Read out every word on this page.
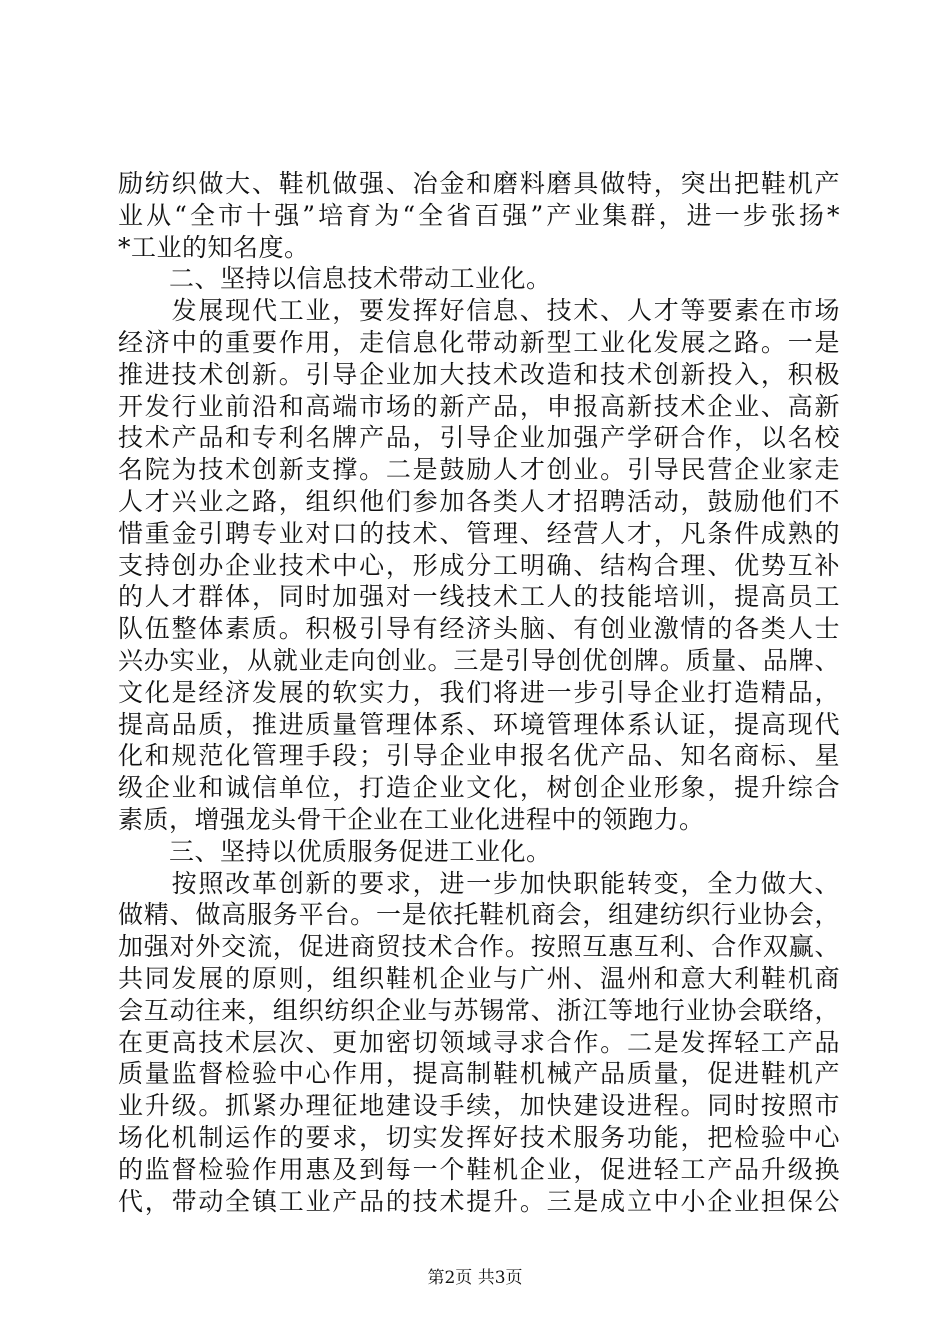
励纺织做大、鞋机做强、冶金和磨料磨具做特，突出把鞋机产
业从“全市十强”培育为“全省百强”产业集群，进一步张扬*
*工业的知名度。
　　二、坚持以信息技术带动工业化。
　　发展现代工业，要发挥好信息、技术、人才等要素在市场
经济中的重要作用，走信息化带动新型工业化发展之路。一是
推进技术创新。引导企业加大技术改造和技术创新投入，积极
开发行业前沿和高端市场的新产品，申报高新技术企业、高新
技术产品和专利名牌产品，引导企业加强产学研合作，以名校
名院为技术创新支撑。二是鼓励人才创业。引导民营企业家走
人才兴业之路，组织他们参加各类人才招聘活动，鼓励他们不
惜重金引聘专业对口的技术、管理、经营人才，凡条件成熟的
支持创办企业技术中心，形成分工明确、结构合理、优势互补
的人才群体，同时加强对一线技术工人的技能培训，提高员工
队伍整体素质。积极引导有经济头脑、有创业激情的各类人士
兴办实业，从就业走向创业。三是引导创优创牌。质量、品牌、
文化是经济发展的软实力，我们将进一步引导企业打造精品，
提高品质，推进质量管理体系、环境管理体系认证，提高现代
化和规范化管理手段；引导企业申报名优产品、知名商标、星
级企业和诚信单位，打造企业文化，树创企业形象，提升综合
素质，增强龙头骨干企业在工业化进程中的领跑力。
　　三、坚持以优质服务促进工业化。
　　按照改革创新的要求，进一步加快职能转变，全力做大、
做精、做高服务平台。一是依托鞋机商会，组建纺织行业协会，
加强对外交流，促进商贸技术合作。按照互惠互利、合作双赢、
共同发展的原则，组织鞋机企业与广州、温州和意大利鞋机商
会互动往来，组织纺织企业与苏锡常、浙江等地行业协会联络，
在更高技术层次、更加密切领域寻求合作。二是发挥轻工产品
质量监督检验中心作用，提高制鞋机械产品质量，促进鞋机产
业升级。抓紧办理征地建设手续，加快建设进程。同时按照市
场化机制运作的要求，切实发挥好技术服务功能，把检验中心
的监督检验作用惠及到每一个鞋机企业，促进轻工产品升级换
代，带动全镇工业产品的技术提升。三是成立中小企业担保公
第2页 共3页
